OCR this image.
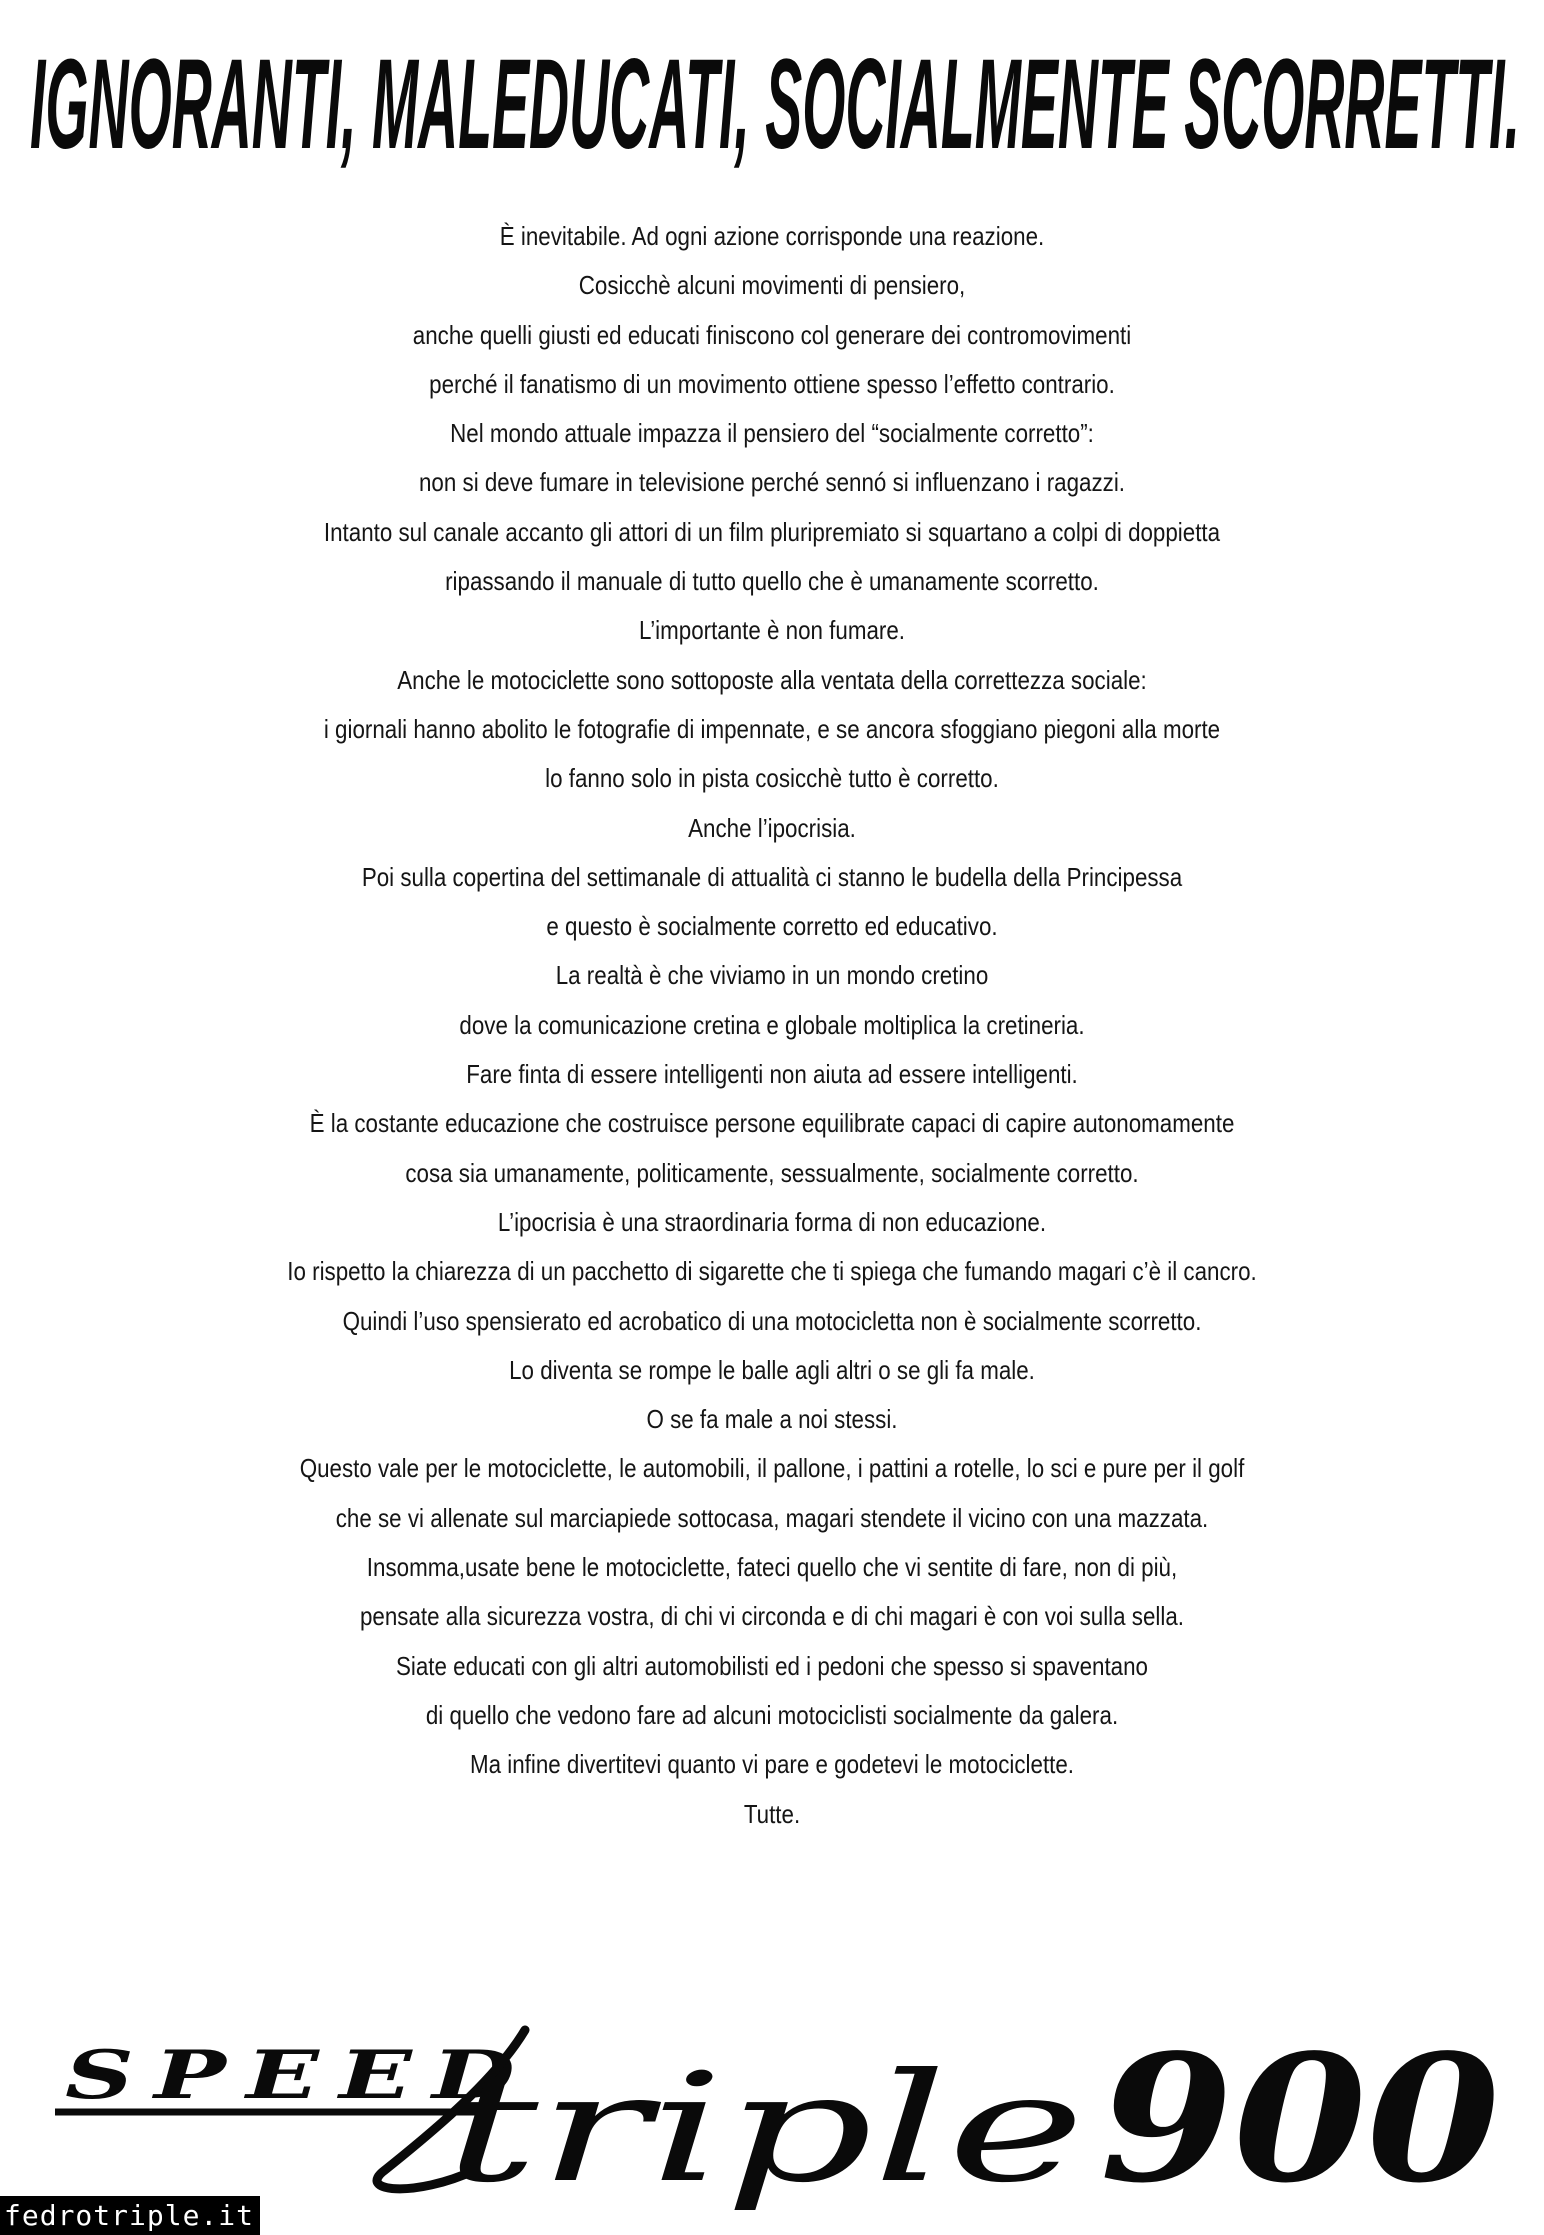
IGNORANTI, MALEDUCATI, SOCIALMENTE SCORRETTI.
È inevitabile. Ad ogni azione corrisponde una reazione.
Cosicchè alcuni movimenti di pensiero,
anche quelli giusti ed educati finiscono col generare dei contromovimenti
perché il fanatismo di un movimento ottiene spesso l’effetto contrario.
Nel mondo attuale impazza il pensiero del “socialmente corretto”:
non si deve fumare in televisione perché sennó si influenzano i ragazzi.
Intanto sul canale accanto gli attori di un film pluripremiato si squartano a colpi di doppietta
ripassando il manuale di tutto quello che è umanamente scorretto.
L’importante è non fumare.
Anche le motociclette sono sottoposte alla ventata della correttezza sociale:
i giornali hanno abolito le fotografie di impennate, e se ancora sfoggiano piegoni alla morte
lo fanno solo in pista cosicchè tutto è corretto.
Anche l’ipocrisia.
Poi sulla copertina del settimanale di attualità ci stanno le budella della Principessa
e questo è socialmente corretto ed educativo.
La realtà è che viviamo in un mondo cretino
dove la comunicazione cretina e globale moltiplica la cretineria.
Fare finta di essere intelligenti non aiuta ad essere intelligenti.
È la costante educazione che costruisce persone equilibrate capaci di capire autonomamente
cosa sia umanamente, politicamente, sessualmente, socialmente corretto.
L’ipocrisia è una straordinaria forma di non educazione.
Io rispetto la chiarezza di un pacchetto di sigarette che ti spiega che fumando magari c’è il cancro.
Quindi l’uso spensierato ed acrobatico di una motocicletta non è socialmente scorretto.
Lo diventa se rompe le balle agli altri o se gli fa male.
O se fa male a noi stessi.
Questo vale per le motociclette, le automobili, il pallone, i pattini a rotelle, lo sci e pure per il golf
che se vi allenate sul marciapiede sottocasa, magari stendete il vicino con una mazzata.
Insomma,usate bene le motociclette, fateci quello che vi sentite di fare, non di più,
pensate alla sicurezza vostra, di chi vi circonda e di chi magari è con voi sulla sella.
Siate educati con gli altri automobilisti ed i pedoni che spesso si spaventano
di quello che vedono fare ad alcuni motociclisti socialmente da galera.
Ma infine divertitevi quanto vi pare e godetevi le motociclette.
Tutte.
SPEED
triple 900
fedrotriple.it
